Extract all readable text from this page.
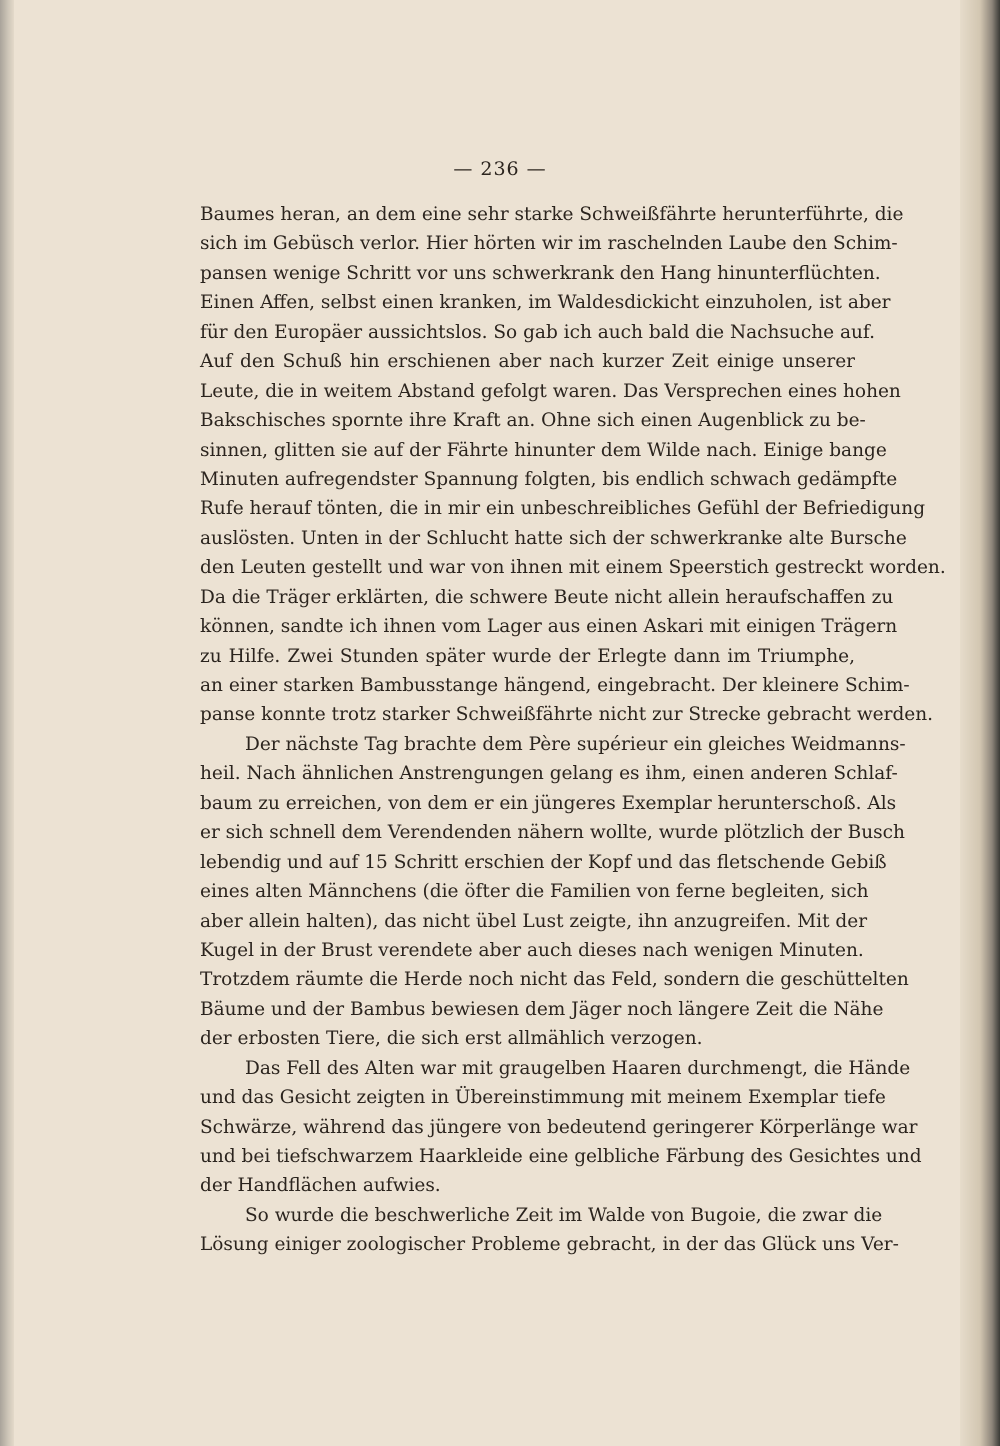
— 236 —
Baumes heran, an dem eine sehr starke Schweißfährte herunterführte, die
sich im Gebüsch verlor. Hier hörten wir im raschelnden Laube den Schim-
pansen wenige Schritt vor uns schwerkrank den Hang hinunterflüchten.
Einen Affen, selbst einen kranken, im Waldesdickicht einzuholen, ist aber
für den Europäer aussichtslos. So gab ich auch bald die Nachsuche auf.
Auf den Schuß hin erschienen aber nach kurzer Zeit einige unserer
Leute, die in weitem Abstand gefolgt waren. Das Versprechen eines hohen
Bakschisches spornte ihre Kraft an. Ohne sich einen Augenblick zu be-
sinnen, glitten sie auf der Fährte hinunter dem Wilde nach. Einige bange
Minuten aufregendster Spannung folgten, bis endlich schwach gedämpfte
Rufe herauf tönten, die in mir ein unbeschreibliches Gefühl der Befriedigung
auslösten. Unten in der Schlucht hatte sich der schwerkranke alte Bursche
den Leuten gestellt und war von ihnen mit einem Speerstich gestreckt worden.
Da die Träger erklärten, die schwere Beute nicht allein heraufschaffen zu
können, sandte ich ihnen vom Lager aus einen Askari mit einigen Trägern
zu Hilfe. Zwei Stunden später wurde der Erlegte dann im Triumphe,
an einer starken Bambusstange hängend, eingebracht. Der kleinere Schim-
panse konnte trotz starker Schweißfährte nicht zur Strecke gebracht werden.
Der nächste Tag brachte dem Père supérieur ein gleiches Weidmanns-
heil. Nach ähnlichen Anstrengungen gelang es ihm, einen anderen Schlaf-
baum zu erreichen, von dem er ein jüngeres Exemplar herunterschoß. Als
er sich schnell dem Verendenden nähern wollte, wurde plötzlich der Busch
lebendig und auf 15 Schritt erschien der Kopf und das fletschende Gebiß
eines alten Männchens (die öfter die Familien von ferne begleiten, sich
aber allein halten), das nicht übel Lust zeigte, ihn anzugreifen. Mit der
Kugel in der Brust verendete aber auch dieses nach wenigen Minuten.
Trotzdem räumte die Herde noch nicht das Feld, sondern die geschüttelten
Bäume und der Bambus bewiesen dem Jäger noch längere Zeit die Nähe
der erbosten Tiere, die sich erst allmählich verzogen.
Das Fell des Alten war mit graugelben Haaren durchmengt, die Hände
und das Gesicht zeigten in Übereinstimmung mit meinem Exemplar tiefe
Schwärze, während das jüngere von bedeutend geringerer Körperlänge war
und bei tiefschwarzem Haarkleide eine gelbliche Färbung des Gesichtes und
der Handflächen aufwies.
So wurde die beschwerliche Zeit im Walde von Bugoie, die zwar die
Lösung einiger zoologischer Probleme gebracht, in der das Glück uns Ver-
